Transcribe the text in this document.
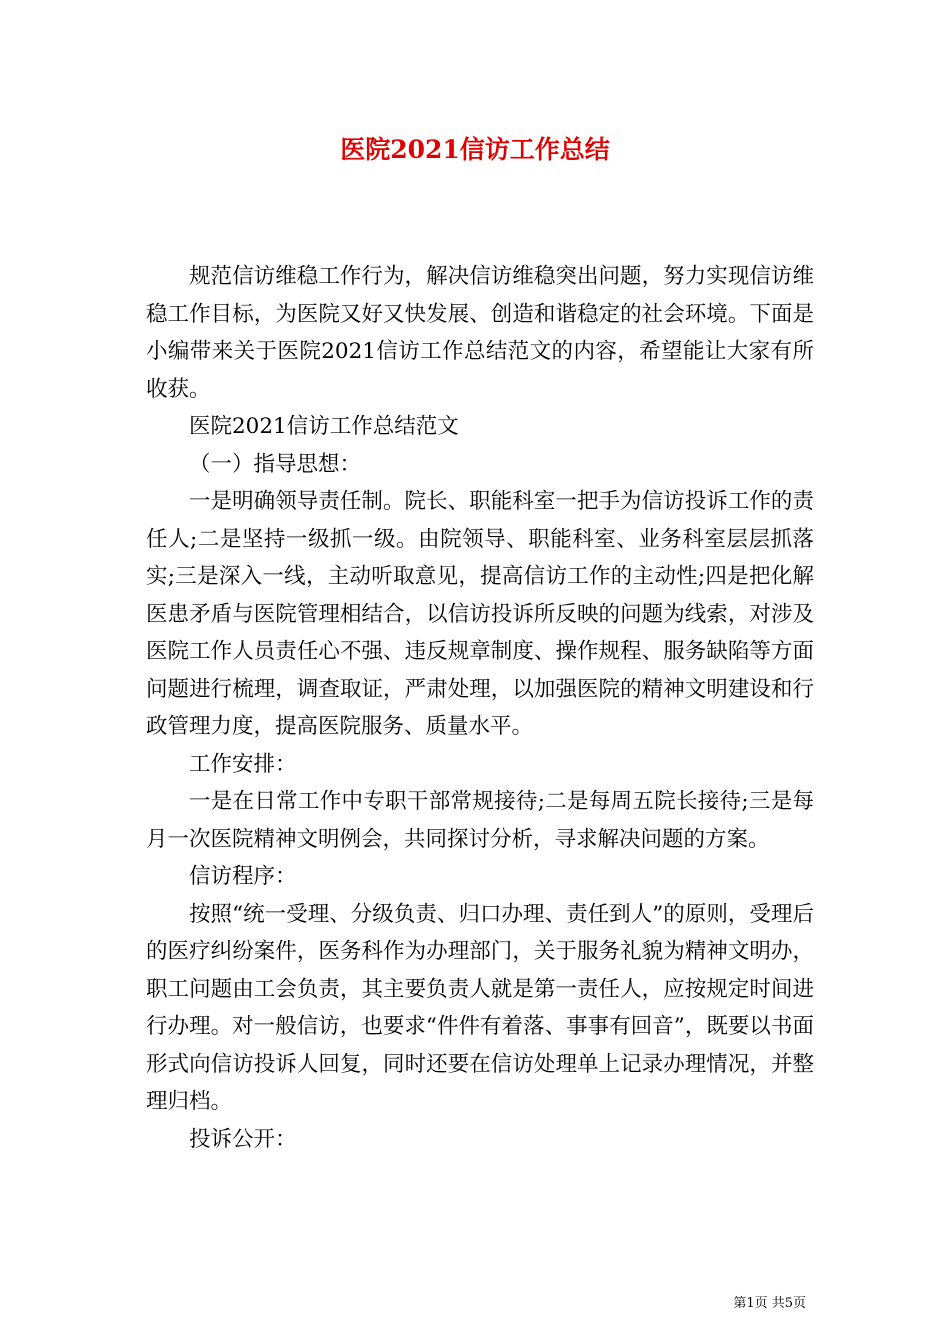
医院2021信访工作总结

规范信访维稳工作行为，解决信访维稳突出问题，努力实现信访维稳工作目标，为医院又好又快发展、创造和谐稳定的社会环境。下面是小编带来关于医院2021信访工作总结范文的内容，希望能让大家有所收获。

医院2021信访工作总结范文

（一）指导思想：

一是明确领导责任制。院长、职能科室一把手为信访投诉工作的责任人;二是坚持一级抓一级。由院领导、职能科室、业务科室层层抓落实;三是深入一线，主动听取意见，提高信访工作的主动性;四是把化解医患矛盾与医院管理相结合，以信访投诉所反映的问题为线索，对涉及医院工作人员责任心不强、违反规章制度、操作规程、服务缺陷等方面问题进行梳理，调查取证，严肃处理，以加强医院的精神文明建设和行政管理力度，提高医院服务、质量水平。

工作安排：

一是在日常工作中专职干部常规接待;二是每周五院长接待;三是每月一次医院精神文明例会，共同探讨分析，寻求解决问题的方案。

信访程序：

按照“统一受理、分级负责、归口办理、责任到人”的原则，受理后的医疗纠纷案件，医务科作为办理部门，关于服务礼貌为精神文明办，职工问题由工会负责，其主要负责人就是第一责任人，应按规定时间进行办理。对一般信访，也要求“件件有着落、事事有回音”，既要以书面形式向信访投诉人回复，同时还要在信访处理单上记录办理情况，并整理归档。

投诉公开：

第1页 共5页
